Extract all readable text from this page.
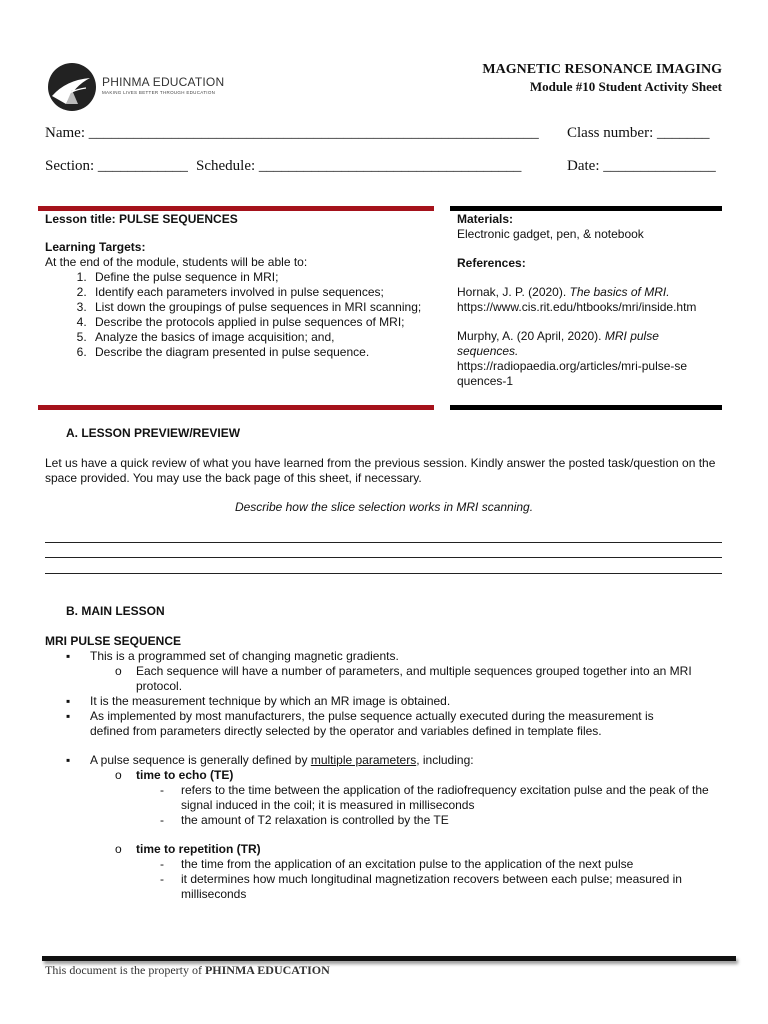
PHINMA EDUCATION
MAKING LIVES BETTER THROUGH EDUCATION
MAGNETIC RESONANCE IMAGING
Module #10 Student Activity Sheet
Name: ____________________________________________________________ Class number: _______
Section: ____________ Schedule: ___________________________________	Date: _______________
Lesson title: PULSE SEQUENCES
Learning Targets:
At the end of the module, students will be able to:
1. Define the pulse sequence in MRI;
2. Identify each parameters involved in pulse sequences;
3. List down the groupings of pulse sequences in MRI scanning;
4. Describe the protocols applied in pulse sequences of MRI;
5. Analyze the basics of image acquisition; and,
6. Describe the diagram presented in pulse sequence.
Materials:
Electronic gadget, pen, & notebook
References:
Hornak, J. P. (2020). The basics of MRI.
https://www.cis.rit.edu/htbooks/mri/inside.htm
Murphy, A. (20 April, 2020). MRI pulse sequences.
https://radiopaedia.org/articles/mri-pulse-sequences-1
A. LESSON PREVIEW/REVIEW
Let us have a quick review of what you have learned from the previous session. Kindly answer the posted task/question on the space provided. You may use the back page of this sheet, if necessary.
Describe how the slice selection works in MRI scanning.
B. MAIN LESSON
MRI PULSE SEQUENCE
▪ This is a programmed set of changing magnetic gradients.
o Each sequence will have a number of parameters, and multiple sequences grouped together into an MRI protocol.
▪ It is the measurement technique by which an MR image is obtained.
▪ As implemented by most manufacturers, the pulse sequence actually executed during the measurement is defined from parameters directly selected by the operator and variables defined in template files.
▪ A pulse sequence is generally defined by multiple parameters, including:
o time to echo (TE)
- refers to the time between the application of the radiofrequency excitation pulse and the peak of the signal induced in the coil; it is measured in milliseconds
- the amount of T2 relaxation is controlled by the TE
o time to repetition (TR)
- the time from the application of an excitation pulse to the application of the next pulse
- it determines how much longitudinal magnetization recovers between each pulse; measured in milliseconds
This document is the property of PHINMA EDUCATION
